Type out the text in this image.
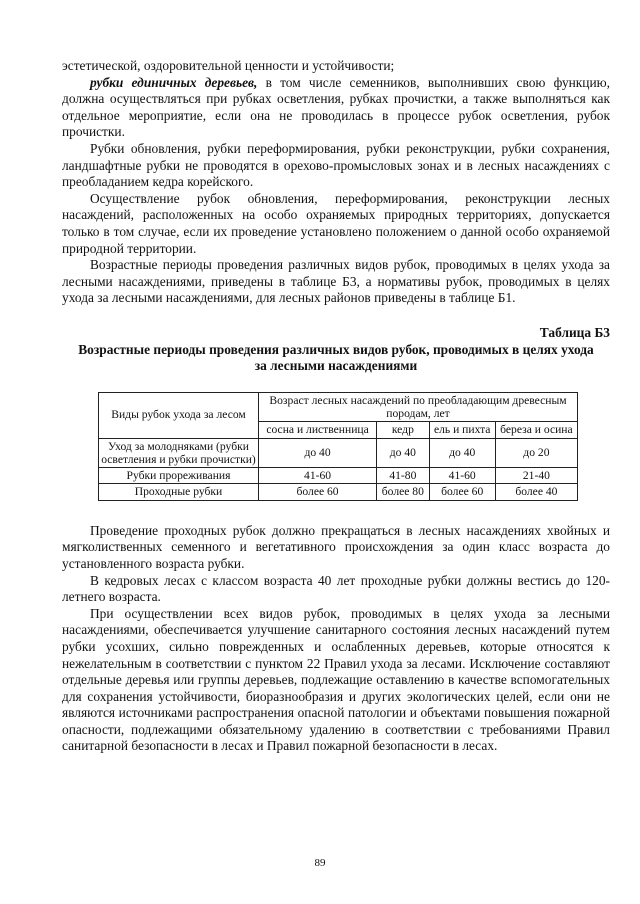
эстетической, оздоровительной ценности и устойчивости;

рубки единичных деревьев, в том числе семенников, выполнивших свою функцию, должна осуществляться при рубках осветления, рубках прочистки, а также выполняться как отдельное мероприятие, если она не проводилась в процессе рубок осветления, рубок прочистки.

Рубки обновления, рубки переформирования, рубки реконструкции, рубки сохранения, ландшафтные рубки не проводятся в орехово-промысловых зонах и в лесных насаждениях с преобладанием кедра корейского.

Осуществление рубок обновления, переформирования, реконструкции лесных насаждений, расположенных на особо охраняемых природных территориях, допускается только в том случае, если их проведение установлено положением о данной особо охраняемой природной территории.

Возрастные периоды проведения различных видов рубок, проводимых в целях ухода за лесными насаждениями, приведены в таблице Б3, а нормативы рубок, проводимых в целях ухода за лесными насаждениями, для лесных районов приведены в таблице Б1.

Таблица Б3
Возрастные периоды проведения различных видов рубок, проводимых в целях ухода за лесными насаждениями
Виды рубок ухода за лесом	Возраст лесных насаждений по преобладающим древесным породам, лет			
	сосна и лиственница	кедр	ель и пихта	береза и осина
Уход за молодняками (рубки осветления и рубки прочистки)	до 40	до 40	до 40	до 20
Рубки прореживания	41-60	41-80	41-60	21-40
Проходные рубки	более 60	более 80	более 60	более 40

Проведение проходных рубок должно прекращаться в лесных насаждениях хвойных и мягколиственных семенного и вегетативного происхождения за один класс возраста до установленного возраста рубки.

В кедровых лесах с классом возраста 40 лет проходные рубки должны вестись до 120-летнего возраста.

При осуществлении всех видов рубок, проводимых в целях ухода за лесными насаждениями, обеспечивается улучшение санитарного состояния лесных насаждений путем рубки усохших, сильно поврежденных и ослабленных деревьев, которые относятся к нежелательным в соответствии с пунктом 22 Правил ухода за лесами. Исключение составляют отдельные деревья или группы деревьев, подлежащие оставлению в качестве вспомогательных для сохранения устойчивости, биоразнообразия и других экологических целей, если они не являются источниками распространения опасной патологии и объектами повышения пожарной опасности, подлежащими обязательному удалению в соответствии с требованиями Правил санитарной безопасности в лесах и Правил пожарной безопасности в лесах.

89
